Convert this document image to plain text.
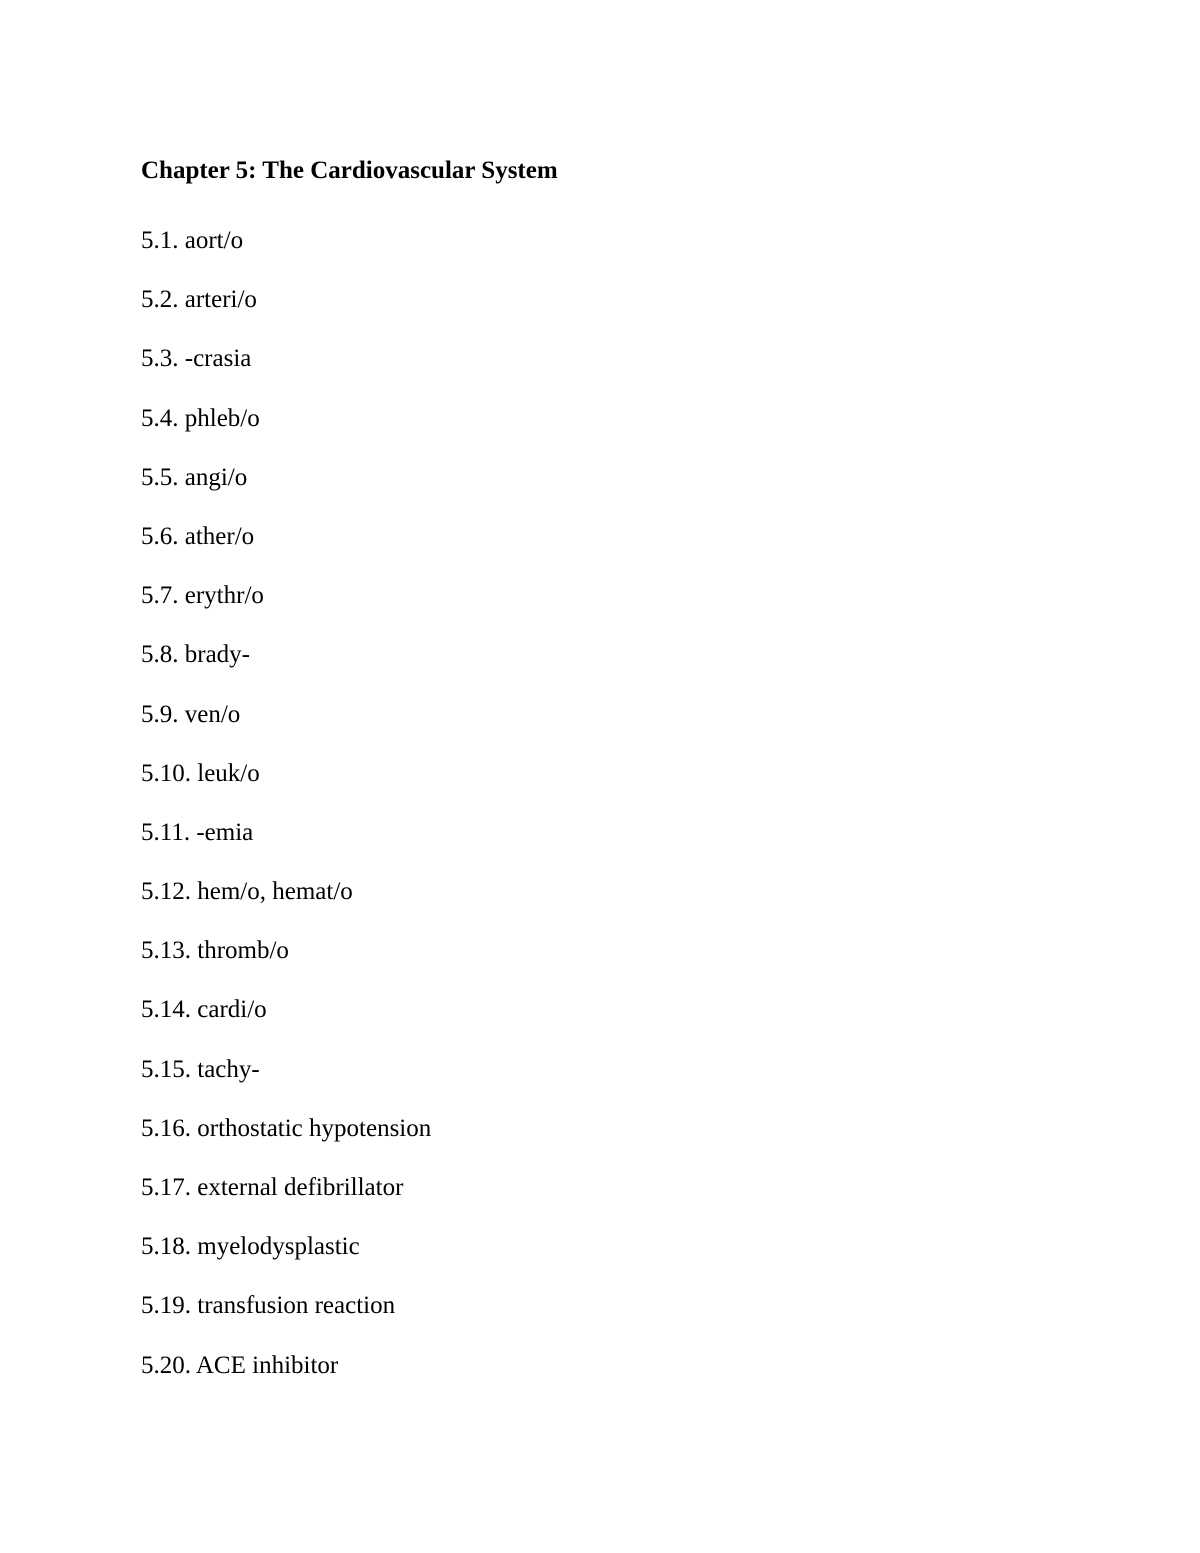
Chapter 5: The Cardiovascular System
5.1. aort/o
5.2. arteri/o
5.3. -crasia
5.4. phleb/o
5.5. angi/o
5.6. ather/o
5.7. erythr/o
5.8. brady-
5.9. ven/o
5.10. leuk/o
5.11. -emia
5.12. hem/o, hemat/o
5.13. thromb/o
5.14. cardi/o
5.15. tachy-
5.16. orthostatic hypotension
5.17. external defibrillator
5.18. myelodysplastic
5.19. transfusion reaction
5.20. ACE inhibitor
